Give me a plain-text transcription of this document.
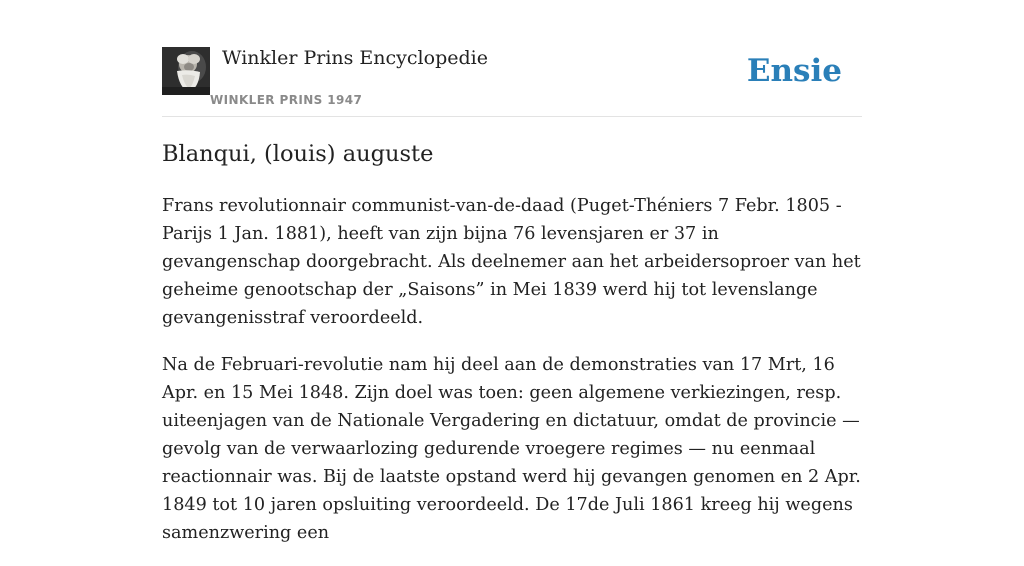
Winkler Prins Encyclopedie
WINKLER PRINS 1947
Ensie
Blanqui, (louis) auguste

Frans revolutionnair communist-van-de-daad (Puget-Théniers 7 Febr. 1805 - Parijs 1 Jan. 1881), heeft van zijn bijna 76 levensjaren er 37 in gevangenschap doorgebracht. Als deelnemer aan het arbeidersoproer van het geheime genootschap der „Saisons” in Mei 1839 werd hij tot levenslange gevangenisstraf veroordeeld.

Na de Februari-revolutie nam hij deel aan de demonstraties van 17 Mrt, 16 Apr. en 15 Mei 1848. Zijn doel was toen: geen algemene verkiezingen, resp. uiteenjagen van de Nationale Vergadering en dictatuur, omdat de provincie — gevolg van de verwaarlozing gedurende vroegere regimes — nu eenmaal reactionnair was. Bij de laatste opstand werd hij gevangen genomen en 2 Apr. 1849 tot 10 jaren opsluiting veroordeeld. De 17de Juli 1861 kreeg hij wegens samenzwering een
